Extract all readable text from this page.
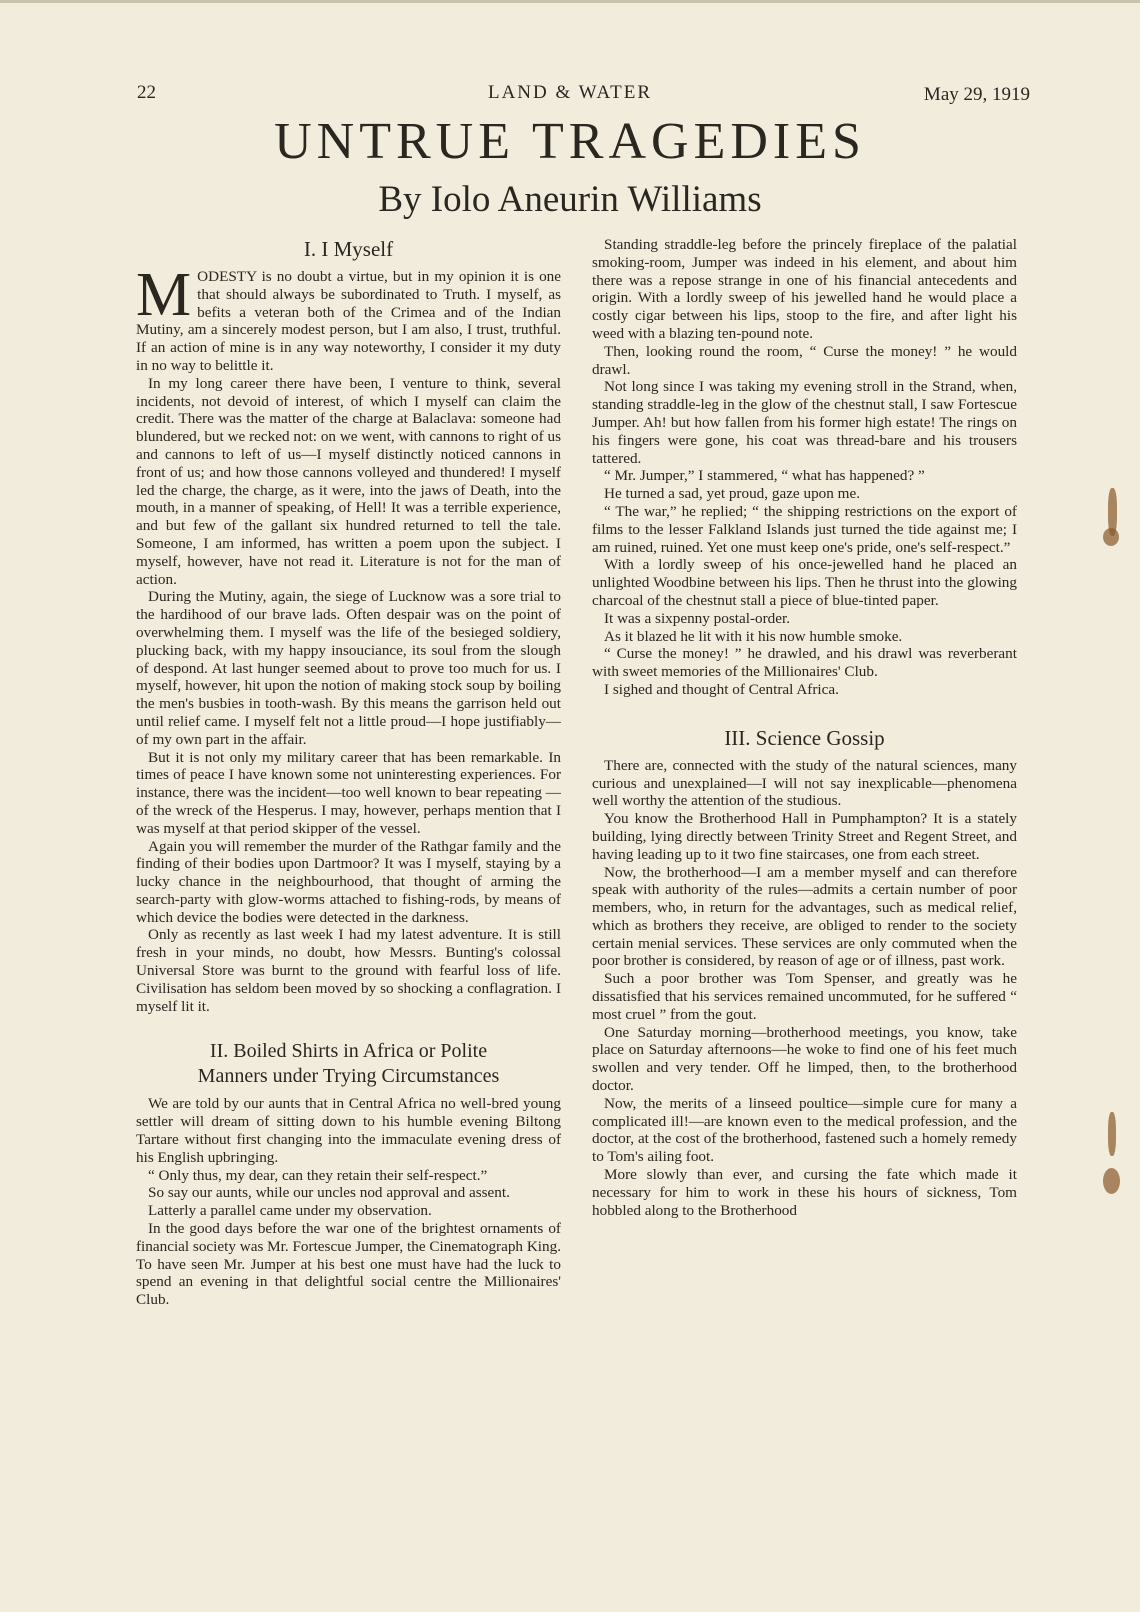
22	LAND & WATER	May 29, 1919
UNTRUE TRAGEDIES
By Iolo Aneurin Williams
I. I Myself

MODESTY is no doubt a virtue, but in my opinion it is one that should always be subordinated to Truth. I myself, as befits a veteran both of the Crimea and of the Indian Mutiny, am a sincerely modest person, but I am also, I trust, truthful. If an action of mine is in any way noteworthy, I consider it my duty in no way to belittle it.

In my long career there have been, I venture to think, several incidents, not devoid of interest, of which I myself can claim the credit. There was the matter of the charge at Balaclava: someone had blundered, but we recked not: on we went, with cannons to right of us and cannons to left of us—I myself distinctly noticed cannons in front of us; and how those cannons volleyed and thundered! I myself led the charge, the charge, as it were, into the jaws of Death, into the mouth, in a manner of speaking, of Hell! It was a terrible experience, and but few of the gallant six hundred returned to tell the tale. Someone, I am informed, has written a poem upon the subject. I myself, however, have not read it. Literature is not for the man of action.

During the Mutiny, again, the siege of Lucknow was a sore trial to the hardihood of our brave lads. Often despair was on the point of overwhelming them. I myself was the life of the besieged soldiery, plucking back, with my happy insouciance, its soul from the slough of despond. At last hunger seemed about to prove too much for us. I myself, however, hit upon the notion of making stock soup by boiling the men's busbies in tooth-wash. By this means the garrison held out until relief came. I myself felt not a little proud—I hope justifiably—of my own part in the affair.

But it is not only my military career that has been remarkable. In times of peace I have known some not uninteresting experiences. For instance, there was the incident—too well known to bear repeating —of the wreck of the Hesperus. I may, however, perhaps mention that I was myself at that period skipper of the vessel.

Again you will remember the murder of the Rathgar family and the finding of their bodies upon Dartmoor? It was I myself, staying by a lucky chance in the neighbourhood, that thought of arming the search-party with glow-worms attached to fishing-rods, by means of which device the bodies were detected in the darkness.

Only as recently as last week I had my latest adventure. It is still fresh in your minds, no doubt, how Messrs. Bunting's colossal Universal Store was burnt to the ground with fearful loss of life. Civilisation has seldom been moved by so shocking a conflagration. I myself lit it.

II. Boiled Shirts in Africa or Polite
Manners under Trying Circumstances

We are told by our aunts that in Central Africa no well-bred young settler will dream of sitting down to his humble evening Biltong Tartare without first changing into the immaculate evening dress of his English upbringing.

“ Only thus, my dear, can they retain their self-respect.”

So say our aunts, while our uncles nod approval and assent.

Latterly a parallel came under my observation.

In the good days before the war one of the brightest ornaments of financial society was Mr. Fortescue Jumper, the Cinematograph King. To have seen Mr. Jumper at his best one must have had the luck to spend an evening in that delightful social centre the Millionaires' Club.

Standing straddle-leg before the princely fireplace of the palatial smoking-room, Jumper was indeed in his element, and about him there was a repose strange in one of his financial antecedents and origin. With a lordly sweep of his jewelled hand he would place a costly cigar between his lips, stoop to the fire, and after light his weed with a blazing ten-pound note.

Then, looking round the room, “ Curse the money! ” he would drawl.

Not long since I was taking my evening stroll in the Strand, when, standing straddle-leg in the glow of the chestnut stall, I saw Fortescue Jumper. Ah! but how fallen from his former high estate! The rings on his fingers were gone, his coat was thread-bare and his trousers tattered.

“ Mr. Jumper,” I stammered, “ what has happened? ”

He turned a sad, yet proud, gaze upon me.

“ The war,” he replied; “ the shipping restrictions on the export of films to the lesser Falkland Islands just turned the tide against me; I am ruined, ruined. Yet one must keep one's pride, one's self-respect.”

With a lordly sweep of his once-jewelled hand he placed an unlighted Woodbine between his lips. Then he thrust into the glowing charcoal of the chestnut stall a piece of blue-tinted paper.

It was a sixpenny postal-order.

As it blazed he lit with it his now humble smoke.

“ Curse the money! ” he drawled, and his drawl was reverberant with sweet memories of the Millionaires' Club.

I sighed and thought of Central Africa.

III. Science Gossip

There are, connected with the study of the natural sciences, many curious and unexplained—I will not say inexplicable—phenomena well worthy the attention of the studious.

You know the Brotherhood Hall in Pumphampton? It is a stately building, lying directly between Trinity Street and Regent Street, and having leading up to it two fine staircases, one from each street.

Now, the brotherhood—I am a member myself and can therefore speak with authority of the rules—admits a certain number of poor members, who, in return for the advantages, such as medical relief, which as brothers they receive, are obliged to render to the society certain menial services. These services are only commuted when the poor brother is considered, by reason of age or of illness, past work.

Such a poor brother was Tom Spenser, and greatly was he dissatisfied that his services remained uncommuted, for he suffered “ most cruel ” from the gout.

One Saturday morning—brotherhood meetings, you know, take place on Saturday afternoons—he woke to find one of his feet much swollen and very tender. Off he limped, then, to the brotherhood doctor.

Now, the merits of a linseed poultice—simple cure for many a complicated ill!—are known even to the medical profession, and the doctor, at the cost of the brotherhood, fastened such a homely remedy to Tom's ailing foot.

More slowly than ever, and cursing the fate which made it necessary for him to work in these his hours of sickness, Tom hobbled along to the Brotherhood
